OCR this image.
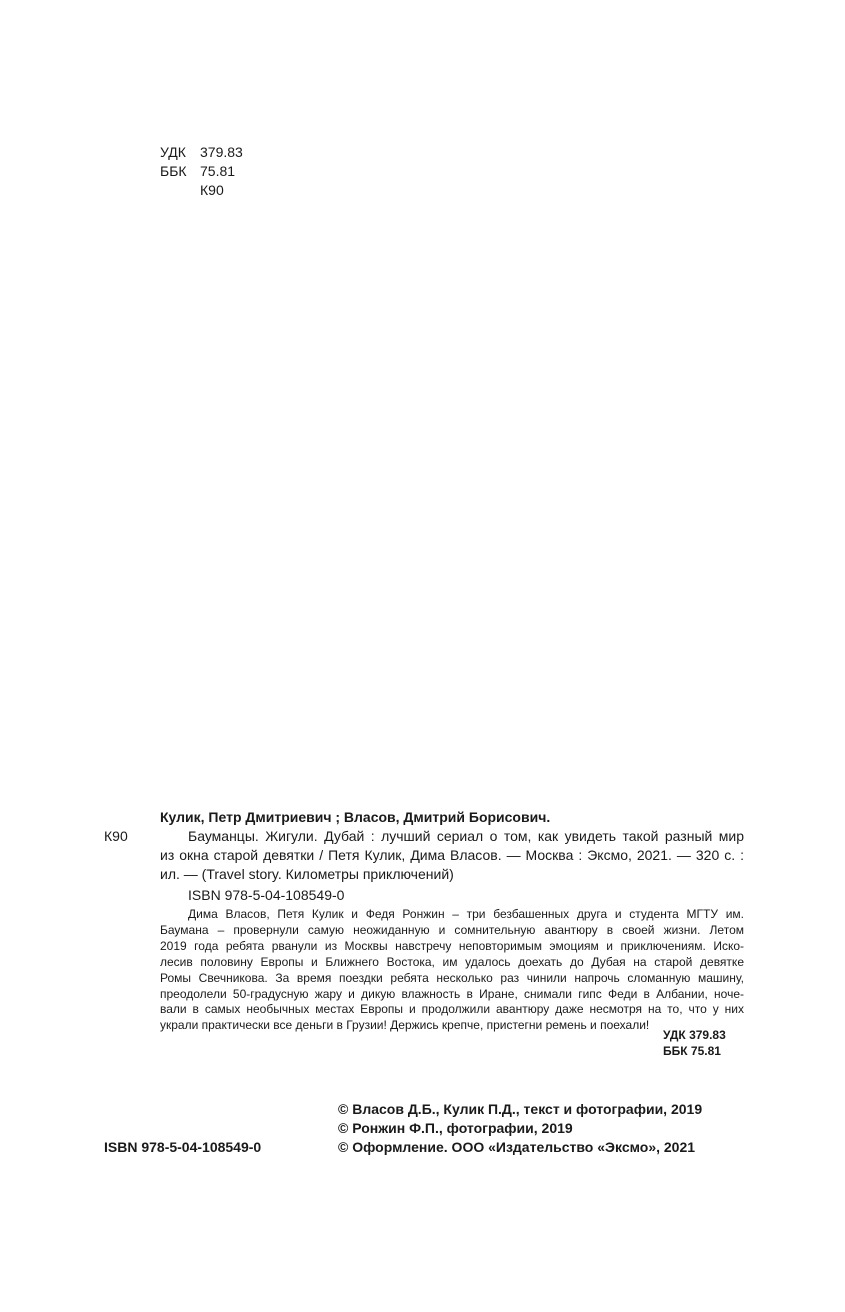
УДК 379.83
ББК 75.81
К90
К90
Кулик, Петр Дмитриевич ; Власов, Дмитрий Борисович.
Бауманцы. Жигули. Дубай : лучший сериал о том, как увидеть такой разный мир
из окна старой девятки / Петя Кулик, Дима Власов. — Москва : Эксмо, 2021. — 320 с. :
ил. — (Travel story. Километры приключений)
ISBN 978-5-04-108549-0
Дима Власов, Петя Кулик и Федя Ронжин – три безбашенных друга и студента МГТУ им.
Баумана – провернули самую неожиданную и сомнительную авантюру в своей жизни. Летом
2019 года ребята рванули из Москвы навстречу неповторимым эмоциям и приключениям. Иско-
лесив половину Европы и Ближнего Востока, им удалось доехать до Дубая на старой девятке
Ромы Свечникова. За время поездки ребята несколько раз чинили напрочь сломанную машину,
преодолели 50-градусную жару и дикую влажность в Иране, снимали гипс Феди в Албании, ноче-
вали в самых необычных местах Европы и продолжили авантюру даже несмотря на то, что у них
украли практически все деньги в Грузии! Держись крепче, пристегни ремень и поехали!
УДК 379.83
ББК 75.81
© Власов Д.Б., Кулик П.Д., текст и фотографии, 2019
© Ронжин Ф.П., фотографии, 2019
© Оформление. ООО «Издательство «Эксмо», 2021
ISBN 978-5-04-108549-0
